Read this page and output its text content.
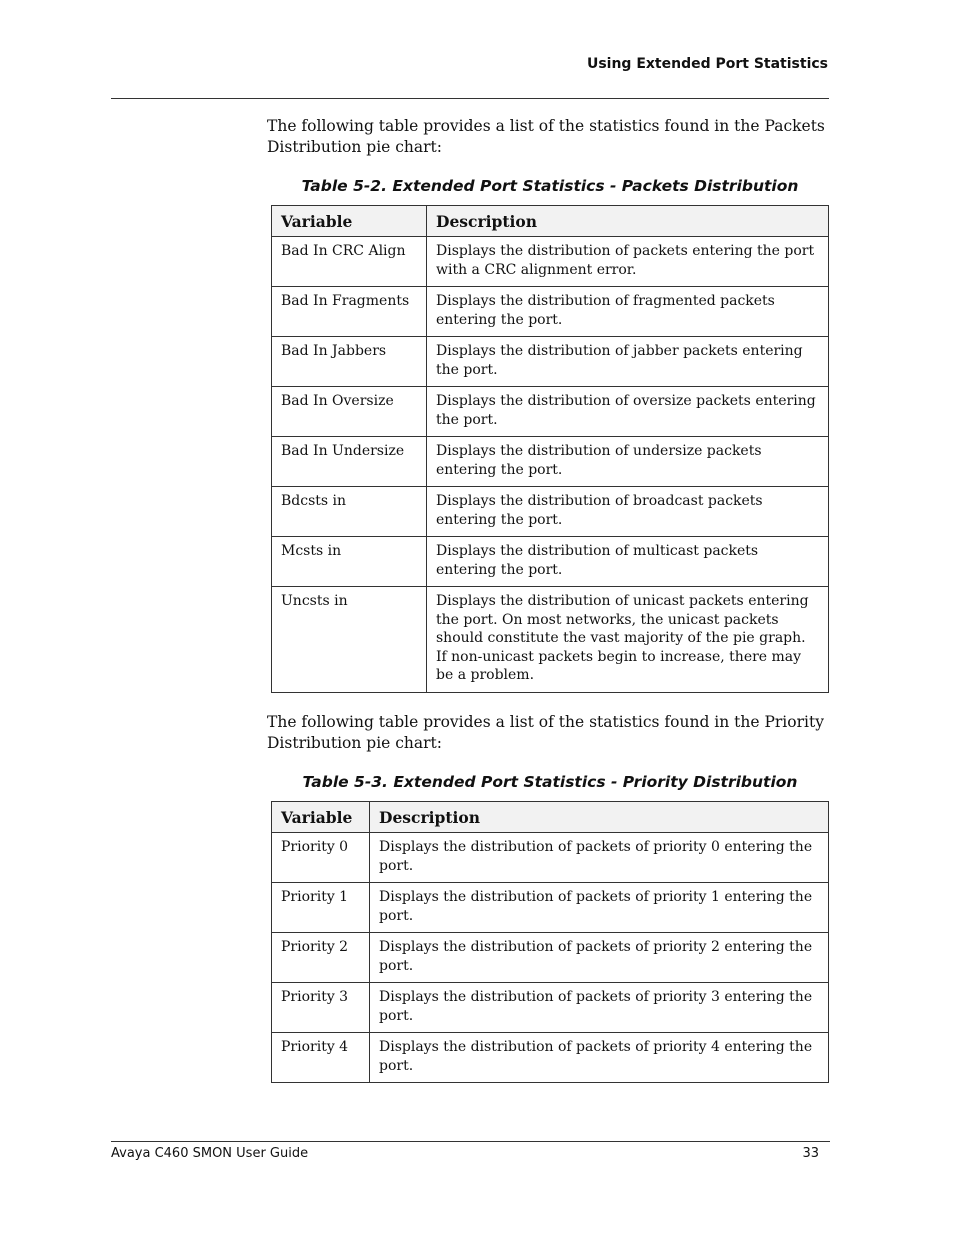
Using Extended Port Statistics

The following table provides a list of the statistics found in the Packets Distribution pie chart:

Table 5-2. Extended Port Statistics - Packets Distribution
Variable	Description
Bad In CRC Align	Displays the distribution of packets entering the port with a CRC alignment error.
Bad In Fragments	Displays the distribution of fragmented packets entering the port.
Bad In Jabbers	Displays the distribution of jabber packets entering the port.
Bad In Oversize	Displays the distribution of oversize packets entering the port.
Bad In Undersize	Displays the distribution of undersize packets entering the port.
Bdcsts in	Displays the distribution of broadcast packets entering the port.
Mcsts in	Displays the distribution of multicast packets entering the port.
Uncsts in	Displays the distribution of unicast packets entering the port. On most networks, the unicast packets should constitute the vast majority of the pie graph. If non-unicast packets begin to increase, there may be a problem.

The following table provides a list of the statistics found in the Priority Distribution pie chart:

Table 5-3. Extended Port Statistics - Priority Distribution
Variable	Description
Priority 0	Displays the distribution of packets of priority 0 entering the port.
Priority 1	Displays the distribution of packets of priority 1 entering the port.
Priority 2	Displays the distribution of packets of priority 2 entering the port.
Priority 3	Displays the distribution of packets of priority 3 entering the port.
Priority 4	Displays the distribution of packets of priority 4 entering the port.
Avaya C460 SMON User Guide	33
